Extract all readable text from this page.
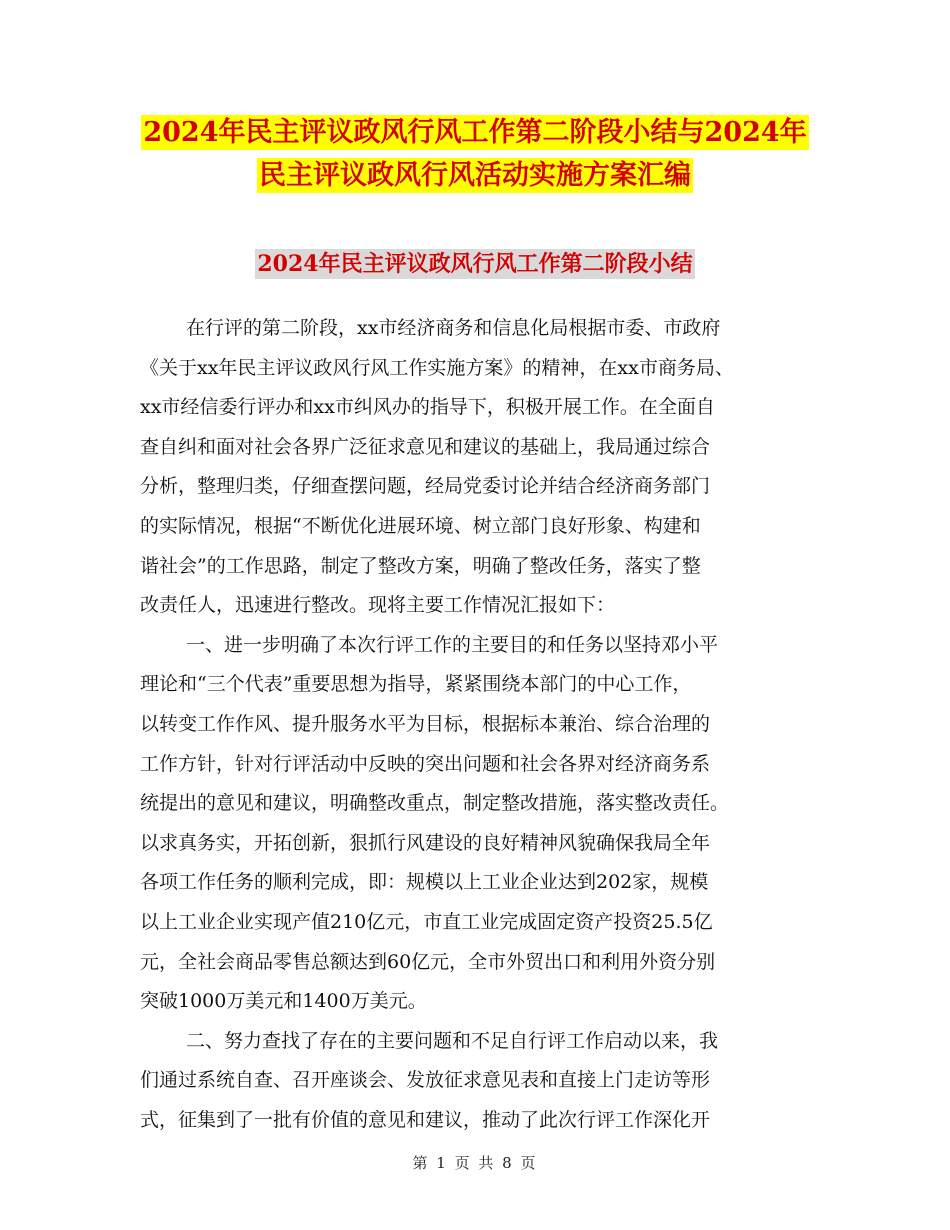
2024年民主评议政风行风工作第二阶段小结与2024年
民主评议政风行风活动实施方案汇编
2024年民主评议政风行风工作第二阶段小结
在行评的第二阶段，xx市经济商务和信息化局根据市委、市政府
《关于xx年民主评议政风行风工作实施方案》的精神，在xx市商务局、
xx市经信委行评办和xx市纠风办的指导下，积极开展工作。在全面自
查自纠和面对社会各界广泛征求意见和建议的基础上，我局通过综合
分析，整理归类，仔细查摆问题，经局党委讨论并结合经济商务部门
的实际情况，根据“不断优化进展环境、树立部门良好形象、构建和
谐社会”的工作思路，制定了整改方案，明确了整改任务，落实了整
改责任人，迅速进行整改。现将主要工作情况汇报如下：
一、进一步明确了本次行评工作的主要目的和任务以坚持邓小平
理论和“三个代表”重要思想为指导，紧紧围绕本部门的中心工作，
以转变工作作风、提升服务水平为目标，根据标本兼治、综合治理的
工作方针，针对行评活动中反映的突出问题和社会各界对经济商务系
统提出的意见和建议，明确整改重点，制定整改措施，落实整改责任。
以求真务实，开拓创新，狠抓行风建设的良好精神风貌确保我局全年
各项工作任务的顺利完成，即：规模以上工业企业达到202家，规模
以上工业企业实现产值210亿元，市直工业完成固定资产投资25.5亿
元，全社会商品零售总额达到60亿元，全市外贸出口和利用外资分别
突破1000万美元和1400万美元。
二、努力查找了存在的主要问题和不足自行评工作启动以来，我
们通过系统自查、召开座谈会、发放征求意见表和直接上门走访等形
式，征集到了一批有价值的意见和建议，推动了此次行评工作深化开
第 1 页 共 8 页
